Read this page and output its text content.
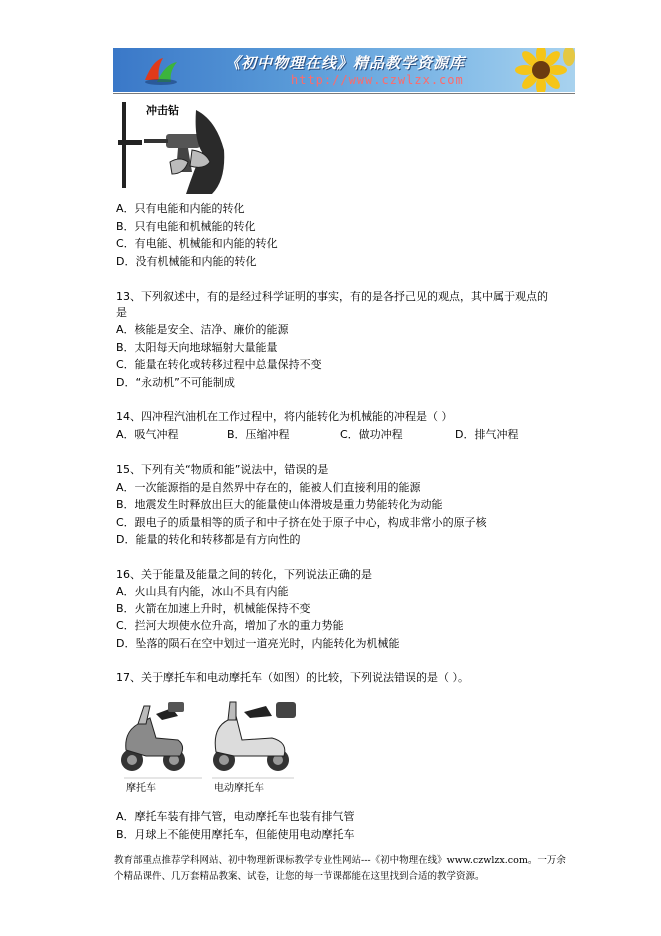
《初中物理在线》精品教学资源库
http://www.czwlzx.com
冲击钻
A．只有电能和内能的转化
B．只有电能和机械能的转化
C．有电能、机械能和内能的转化
D．没有机械能和内能的转化
13、下列叙述中，有的是经过科学证明的事实，有的是各抒己见的观点，其中属于观点的
是
A．核能是安全、洁净、廉价的能源
B．太阳每天向地球辐射大量能量
C．能量在转化或转移过程中总量保持不变
D．“永动机”不可能制成
14、四冲程汽油机在工作过程中，将内能转化为机械能的冲程是（ ）
A．吸气冲程	B．压缩冲程	C．做功冲程	D．排气冲程
15、下列有关“物质和能”说法中，错误的是
A．一次能源指的是自然界中存在的，能被人们直接利用的能源
B．地震发生时释放出巨大的能量使山体滑坡是重力势能转化为动能
C．跟电子的质量相等的质子和中子挤在处于原子中心，构成非常小的原子核
D．能量的转化和转移都是有方向性的
16、关于能量及能量之间的转化，下列说法正确的是
A．火山具有内能，冰山不具有内能
B．火箭在加速上升时，机械能保持不变
C．拦河大坝使水位升高，增加了水的重力势能
D．坠落的陨石在空中划过一道亮光时，内能转化为机械能
17、关于摩托车和电动摩托车（如图）的比较，下列说法错误的是（ ）。
摩托车	电动摩托车
A．摩托车装有排气管，电动摩托车也装有排气管
B．月球上不能使用摩托车，但能使用电动摩托车
教育部重点推荐学科网站、初中物理新课标教学专业性网站---《初中物理在线》www.czwlzx.com。一万余
个精品课件、几万套精品教案、试卷，让您的每一节课都能在这里找到合适的教学资源。
